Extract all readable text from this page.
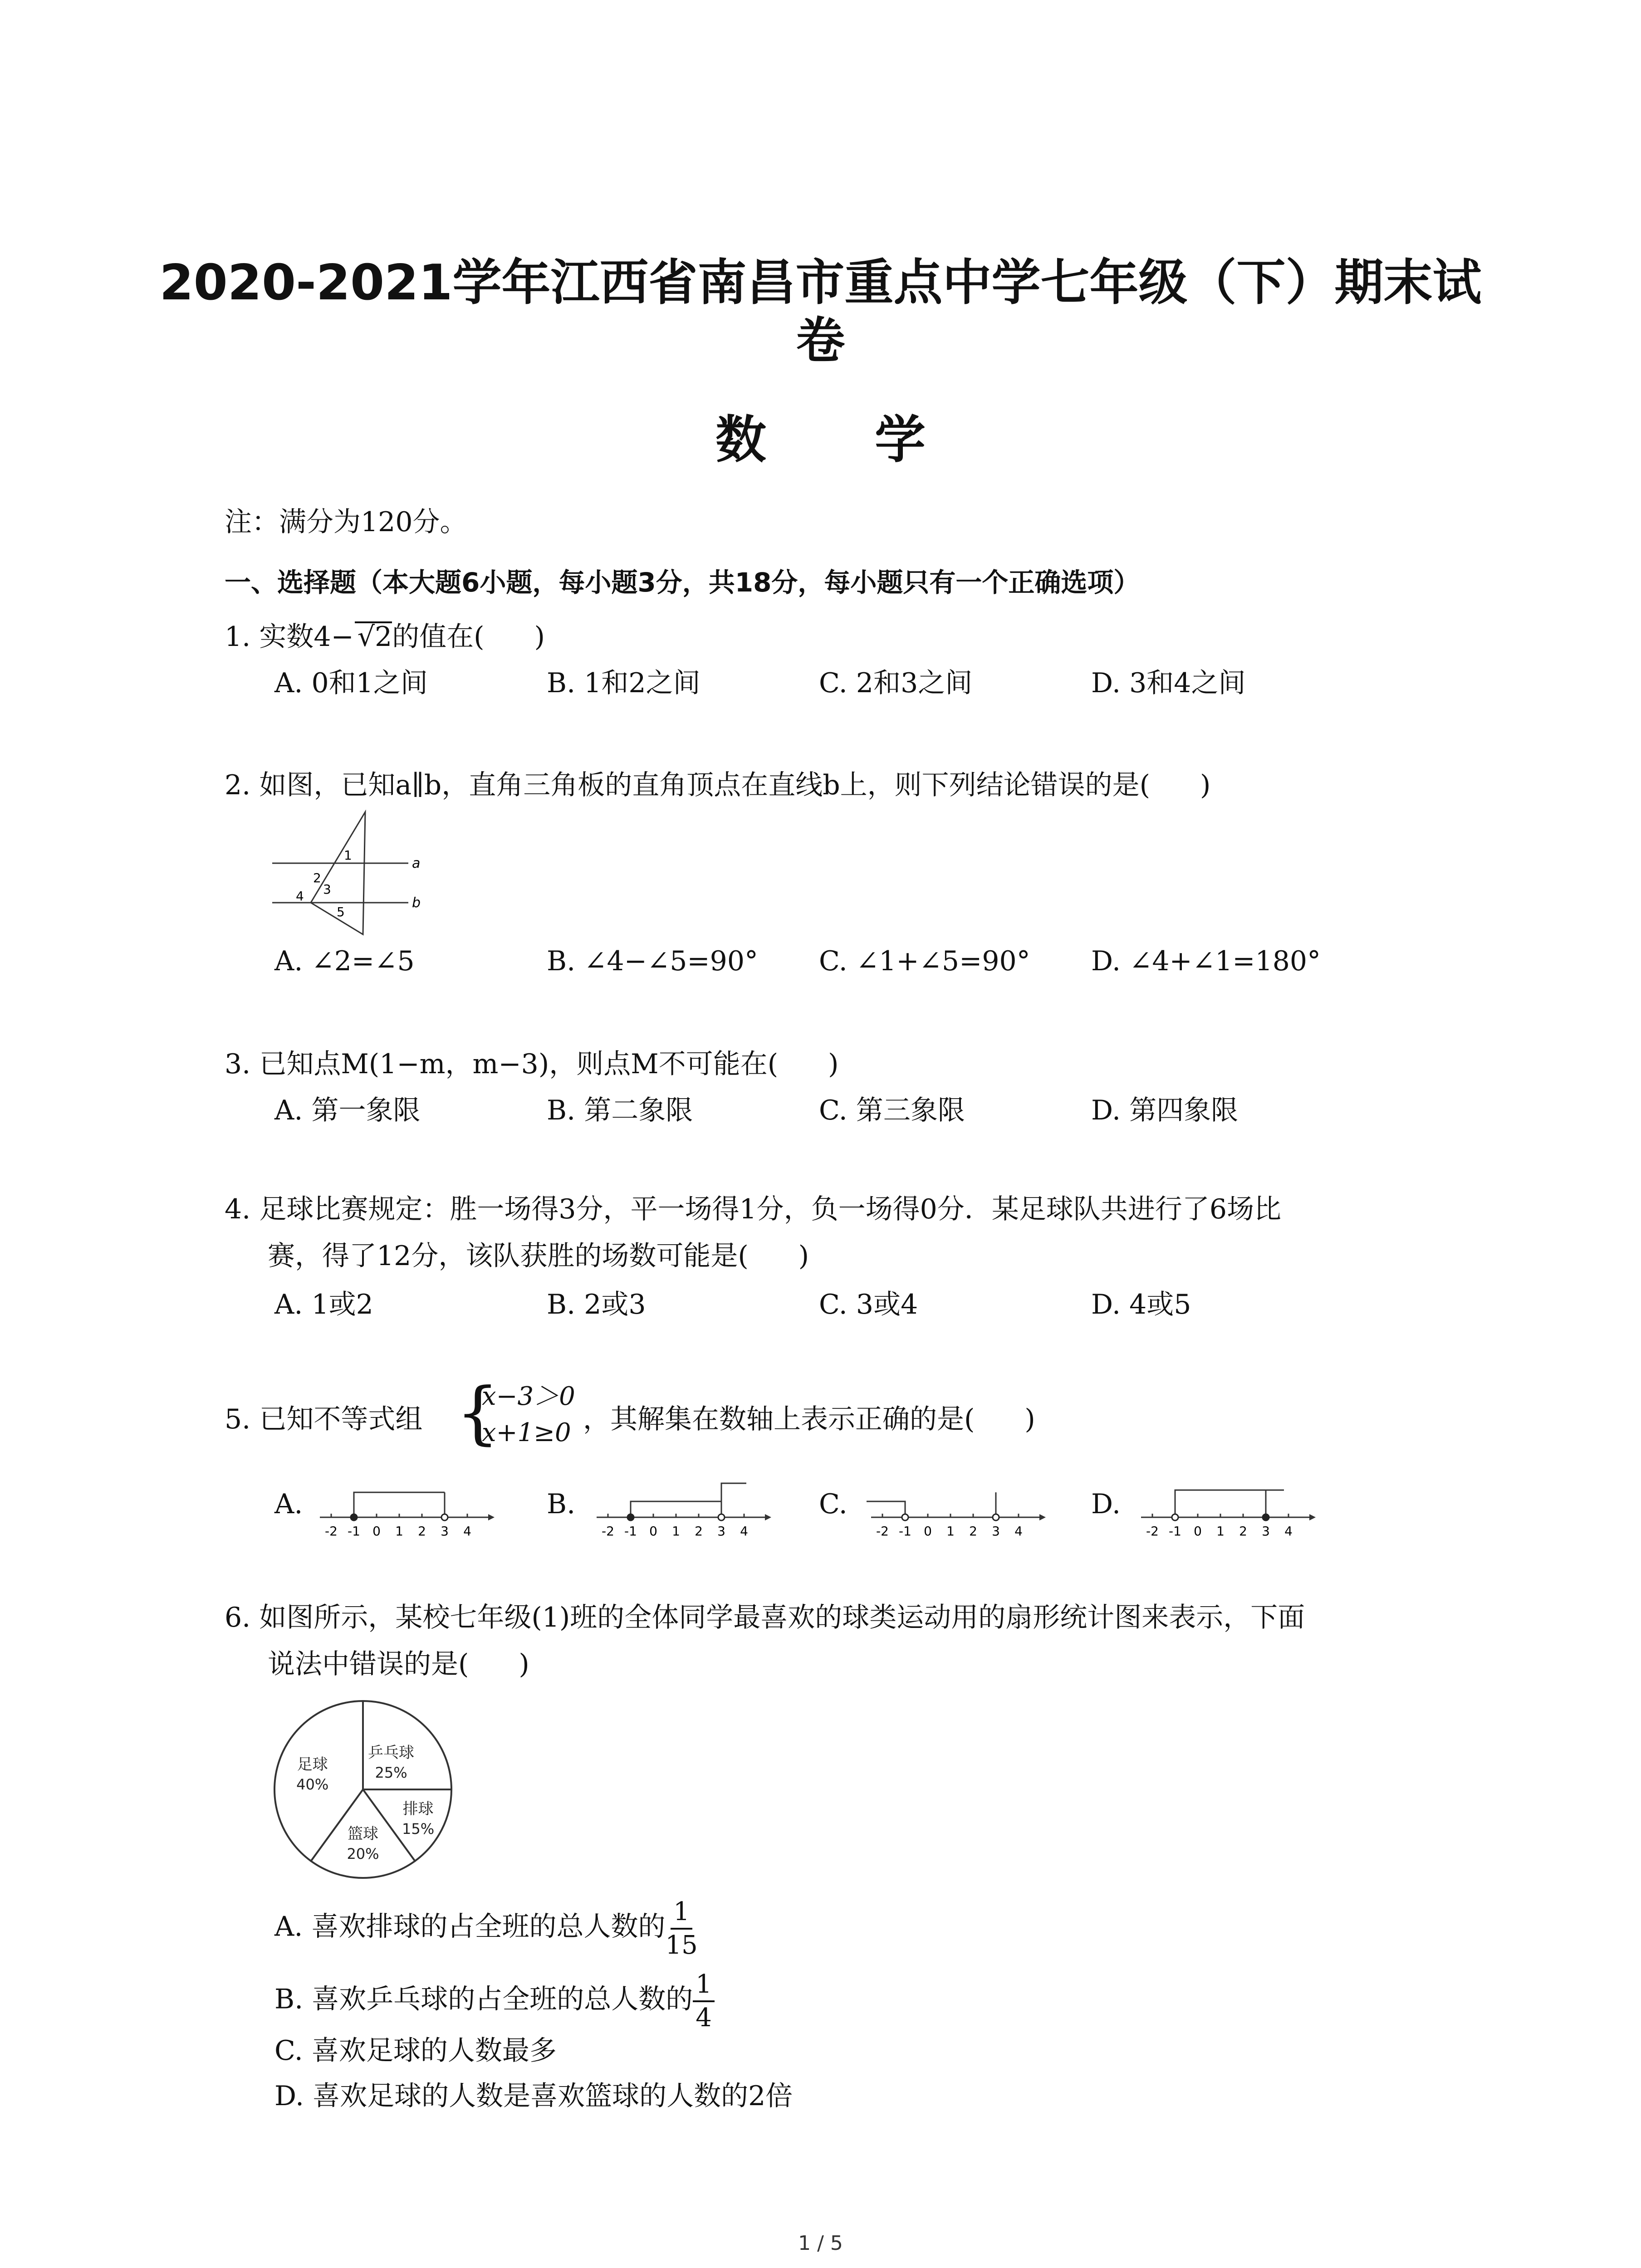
2020-2021学年江西省南昌市重点中学七年级（下）期末试卷
数 学
注：满分为120分。
一、选择题（本大题6小题，每小题3分，共18分，每小题只有一个正确选项）
1. 实数4− √2的值在( )
A. 0和1之间	B. 1和2之间	C. 2和3之间	D. 3和4之间
2. 如图，已知a∥b，直角三角板的直角顶点在直线b上，则下列结论错误的是( )
a
b
1
2
3
4
5
A. ∠2=∠5	B. ∠4−∠5=90° C. ∠1+∠5=90° D. ∠4+∠1=180°
3. 已知点M(1−m，m−3)，则点M不可能在( )
A. 第一象限	B. 第二象限	C. 第三象限	D. 第四象限
4. 足球比赛规定：胜一场得3分，平一场得1分，负一场得0分．某足球队共进行了6场比
赛，得了12分，该队获胜的场数可能是( )
A. 1或2	B. 2或3	C. 3或4	D. 4或5
5. 已知不等式组 {
x−3＞0
x+1≥0 ，其解集在数轴上表示正确的是( )
A.
-2 -1 0 1 2 3 4
B.
-2 -1 0 1 2 3 4
C.
-2 -1 0 1 2 3 4
D.
-2 -1 0 1 2 3 4
6. 如图所示，某校七年级(1)班的全体同学最喜欢的球类运动用的扇形统计图来表示，下面
说法中错误的是( )
乒乓球
25%
排球
15%
篮球
20%
足球
40%
A. 喜欢排球的占全班的总人数的 $\frac{1}{15}$
B. 喜欢乒乓球的占全班的总人数的 $\frac{1}{4}$
C. 喜欢足球的人数最多
D. 喜欢足球的人数是喜欢篮球的人数的2倍
1 / 5
